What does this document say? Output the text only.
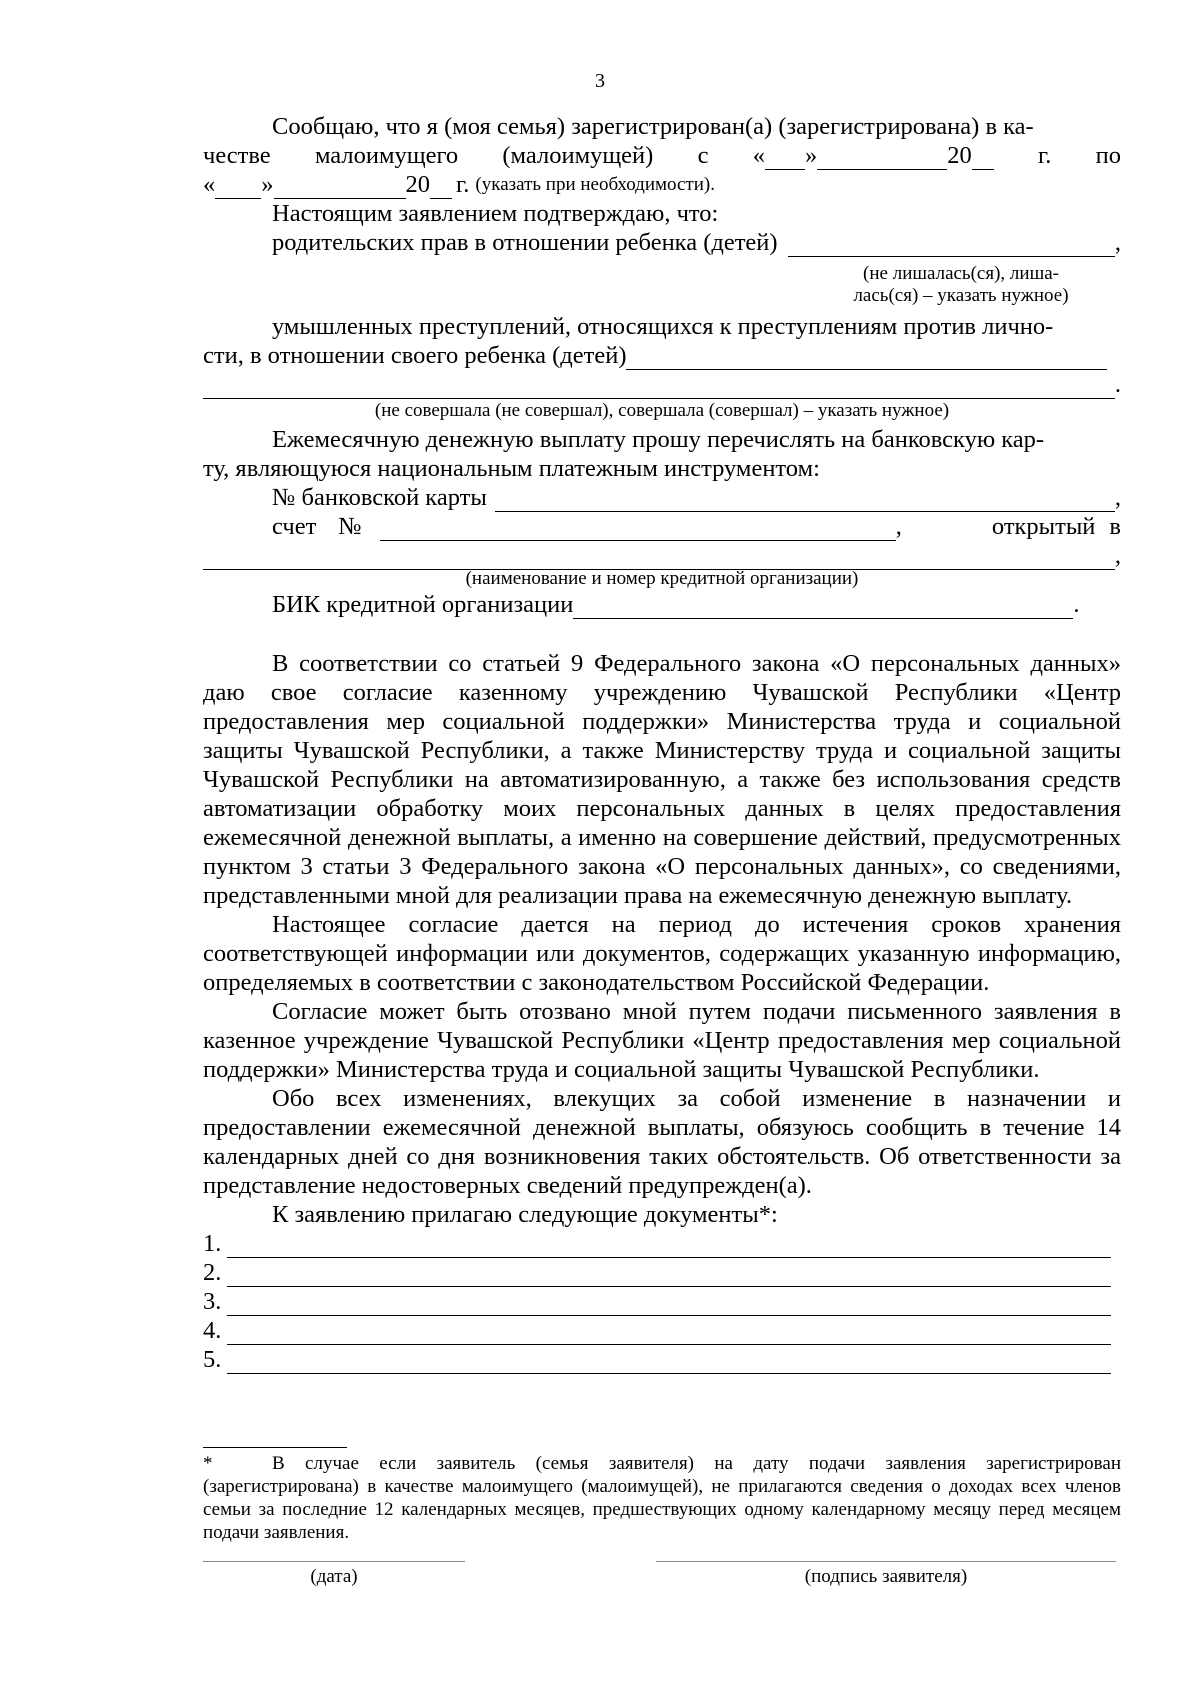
3
Сообщаю, что я (моя семья) зарегистрирован(а) (зарегистрирована) в ка-
честве малоимущего (малоимущей) с « »	20	г. по
« »	20 г. (указать при необходимости).
Настоящим заявлением подтверждаю, что:
родительских прав в отношении ребенка (детей)	,
(не лишалась(ся), лиша-
лась(ся) – указать нужное)
умышленных преступлений, относящихся к преступлениям против лично-
сти, в отношении своего ребенка (детей)
.
(не совершала (не совершал), совершала (совершал) – указать нужное)
Ежемесячную денежную выплату прошу перечислять на банковскую кар-
ту, являющуюся национальным платежным инструментом:
№ банковской карты	,
счет №	,	открытый в
,
(наименование и номер кредитной организации)
БИК кредитной организации	.
В соответствии со статьей 9 Федерального закона «О персональных данных» даю свое согласие казенному учреждению Чувашской Республики «Центр предоставления мер социальной поддержки» Министерства труда и социальной защиты Чувашской Республики, а также Министерству труда и социальной защиты Чувашской Республики на автоматизированную, а также без использования средств автоматизации обработку моих персональных данных в целях предоставления ежемесячной денежной выплаты, а именно на совершение действий, предусмотренных пунктом 3 статьи 3 Федерального закона «О персональных данных», со сведениями, представленными мной для реализации права на ежемесячную денежную выплату.
Настоящее согласие дается на период до истечения сроков хранения соответствующей информации или документов, содержащих указанную информацию, определяемых в соответствии с законодательством Российской Федерации.
Согласие может быть отозвано мной путем подачи письменного заявления в казенное учреждение Чувашской Республики «Центр предоставления мер социальной поддержки» Министерства труда и социальной защиты Чувашской Республики.
Обо всех изменениях, влекущих за собой изменение в назначении и предоставлении ежемесячной денежной выплаты, обязуюсь сообщить в течение 14 календарных дней со дня возникновения таких обстоятельств. Об ответственности за представление недостоверных сведений предупрежден(а).
К заявлению прилагаю следующие документы*:
1.
2.
3.
4.
5.
*	В случае если заявитель (семья заявителя) на дату подачи заявления зарегистрирован (зарегистрирована) в качестве малоимущего (малоимущей), не прилагаются сведения о доходах всех членов семьи за последние 12 календарных месяцев, предшествующих одному календарному месяцу перед месяцем подачи заявления.
(дата)	(подпись заявителя)
